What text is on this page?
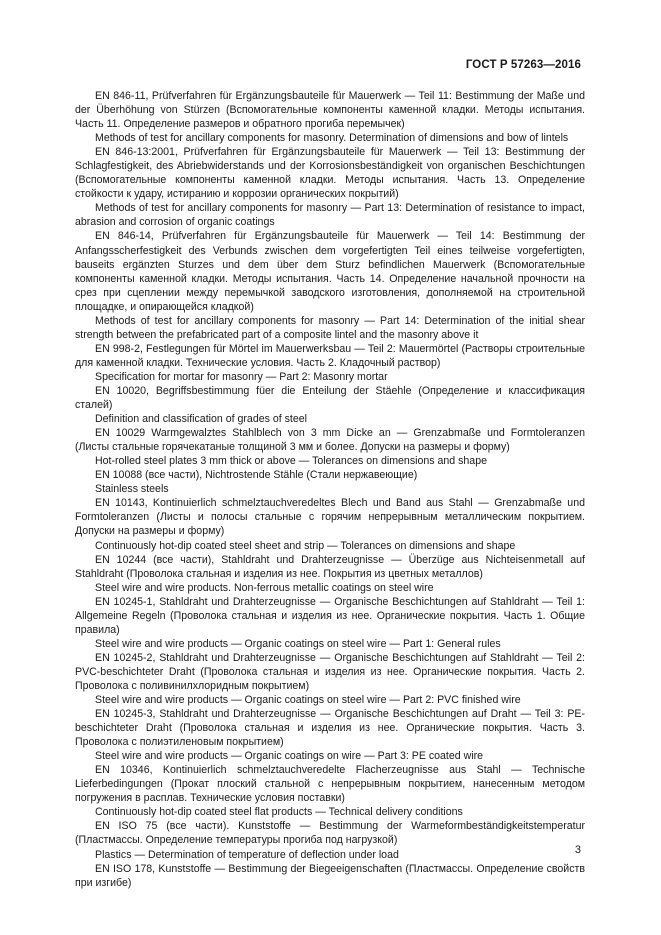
ГОСТ Р 57263—2016

EN 846-11, Prüfverfahren für Ergänzungsbauteile für Mauerwerk — Teil 11: Bestimmung der Maße und der Überhöhung von Stürzen (Вспомогательные компоненты каменной кладки. Методы испытания. Часть 11. Определение размеров и обратного прогиба перемычек)

Methods of test for ancillary components for masonry. Determination of dimensions and bow of lintels

EN 846-13:2001, Prüfverfahren für Ergänzungsbauteile für Mauerwerk — Teil 13: Bestimmung der Schlagfestigkeit, des Abriebwiderstands und der Korrosionsbeständigkeit von organischen Beschichtungen (Вспомогательные компоненты каменной кладки. Методы испытания. Часть 13. Определение стойкости к удару, истиранию и коррозии органических покрытий)

Methods of test for ancillary components for masonry — Part 13: Determination of resistance to impact, abrasion and corrosion of organic coatings

EN 846-14, Prüfverfahren für Ergänzungsbauteile für Mauerwerk — Teil 14: Bestimmung der Anfangsscherfestigkeit des Verbunds zwischen dem vorgefertigten Teil eines teilweise vorgefertigten, bauseits ergänzten Sturzes und dem über dem Sturz befindlichen Mauerwerk (Вспомогательные компоненты каменной кладки. Методы испытания. Часть 14. Определение начальной прочности на срез при сцеплении между перемычкой заводского изготовления, дополняемой на строительной площадке, и опирающейся кладкой)

Methods of test for ancillary components for masonry — Part 14: Determination of the initial shear strength between the prefabricated part of a composite lintel and the masonry above it

EN 998-2, Festlegungen für Mörtel im Mauerwerksbau — Teil 2: Mauermörtel (Растворы строительные для каменной кладки. Технические условия. Часть 2. Кладочный раствор)

Specification for mortar for masonry — Part 2: Masonry mortar

EN 10020, Begriffsbestimmung füer die Enteilung der Stäehle (Определение и классификация сталей)

Definition and classification of grades of steel

EN 10029 Warmgewalztes Stahlblech von 3 mm Dicke an — Grenzabmaße und Formtoleranzen (Листы стальные горячекатаные толщиной 3 мм и более. Допуски на размеры и форму)

Hot-rolled steel plates 3 mm thick or above — Tolerances on dimensions and shape

EN 10088 (все части), Nichtrostende Stähle (Стали нержавеющие)

Stainless steels

EN 10143, Kontinuierlich schmelztauchveredeltes Blech und Band aus Stahl — Grenzabmaße und Formtoleranzen (Листы и полосы стальные с горячим непрерывным металлическим покрытием. Допуски на размеры и форму)

Continuously hot-dip coated steel sheet and strip — Tolerances on dimensions and shape

EN 10244 (все части), Stahldraht und Drahterzeugnisse — Überzüge aus Nichteisenmetall auf Stahldraht (Проволока стальная и изделия из нее. Покрытия из цветных металлов)

Steel wire and wire products. Non-ferrous metallic coatings on steel wire

EN 10245-1, Stahldraht und Drahterzeugnisse — Organische Beschichtungen auf Stahldraht — Teil 1: Allgemeine Regeln (Проволока стальная и изделия из нее. Органические покрытия. Часть 1. Общие правила)

Steel wire and wire products — Organic coatings on steel wire — Part 1: General rules

EN 10245-2, Stahldraht und Drahterzeugnisse — Organische Beschichtungen auf Stahldraht — Teil 2: PVC-beschichteter Draht (Проволока стальная и изделия из нее. Органические покрытия. Часть 2. Проволока с поливинилхлоридным покрытием)

Steel wire and wire products — Organic coatings on steel wire — Part 2: PVC finished wire

EN 10245-3, Stahldraht und Drahterzeugnisse — Organische Beschichtungen auf Draht — Teil 3: PE-beschichteter Draht (Проволока стальная и изделия из нее. Органические покрытия. Часть 3. Проволока с полиэтиленовым покрытием)

Steel wire and wire products — Organic coatings on wire — Part 3: PE coated wire

EN 10346, Kontinuierlich schmelztauchveredelte Flacherzeugnisse aus Stahl — Technische Lieferbedingungen (Прокат плоский стальной с непрерывным покрытием, нанесенным методом погружения в расплав. Технические условия поставки)

Continuously hot-dip coated steel flat products — Technical delivery conditions

EN ISO 75 (все части). Kunststoffe — Bestimmung der Warmeformbeständigkeitstemperatur (Пластмассы. Определение температуры прогиба под нагрузкой)

Plastics — Determination of temperature of deflection under load

EN ISO 178, Kunststoffe — Bestimmung der Biegeeigenschaften (Пластмассы. Определение свойств при изгибе)

3
